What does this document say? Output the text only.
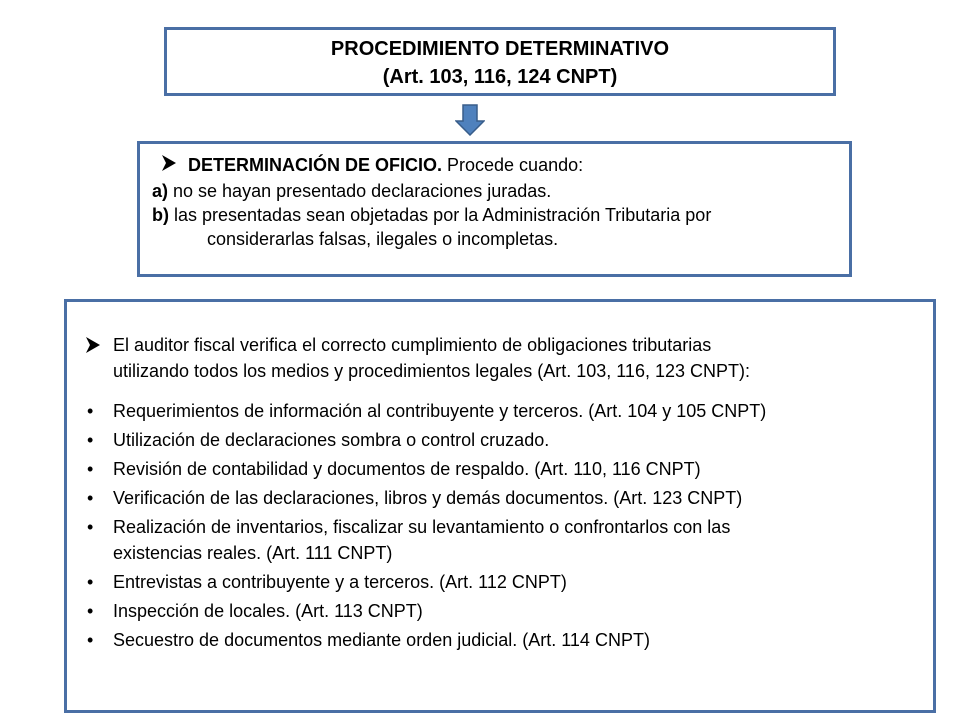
PROCEDIMIENTO DETERMINATIVO
(Art. 103, 116, 124 CNPT)
DETERMINACIÓN DE OFICIO. Procede cuando:
a) no se hayan presentado declaraciones juradas.
b) las presentadas sean objetadas por la Administración Tributaria por
considerarlas falsas, ilegales o incompletas.
El auditor fiscal verifica el correcto cumplimiento de obligaciones tributarias
utilizando todos los medios y procedimientos legales (Art. 103, 116, 123 CNPT):
• Requerimientos de información al contribuyente y terceros. (Art. 104 y 105 CNPT)
• Utilización de declaraciones sombra o control cruzado.
• Revisión de contabilidad y documentos de respaldo. (Art. 110, 116 CNPT)
• Verificación de las declaraciones, libros y demás documentos. (Art. 123 CNPT)
• Realización de inventarios, fiscalizar su levantamiento o confrontarlos con las
existencias reales. (Art. 111 CNPT)
• Entrevistas a contribuyente y a terceros. (Art. 112 CNPT)
• Inspección de locales. (Art. 113 CNPT)
• Secuestro de documentos mediante orden judicial. (Art. 114 CNPT)
